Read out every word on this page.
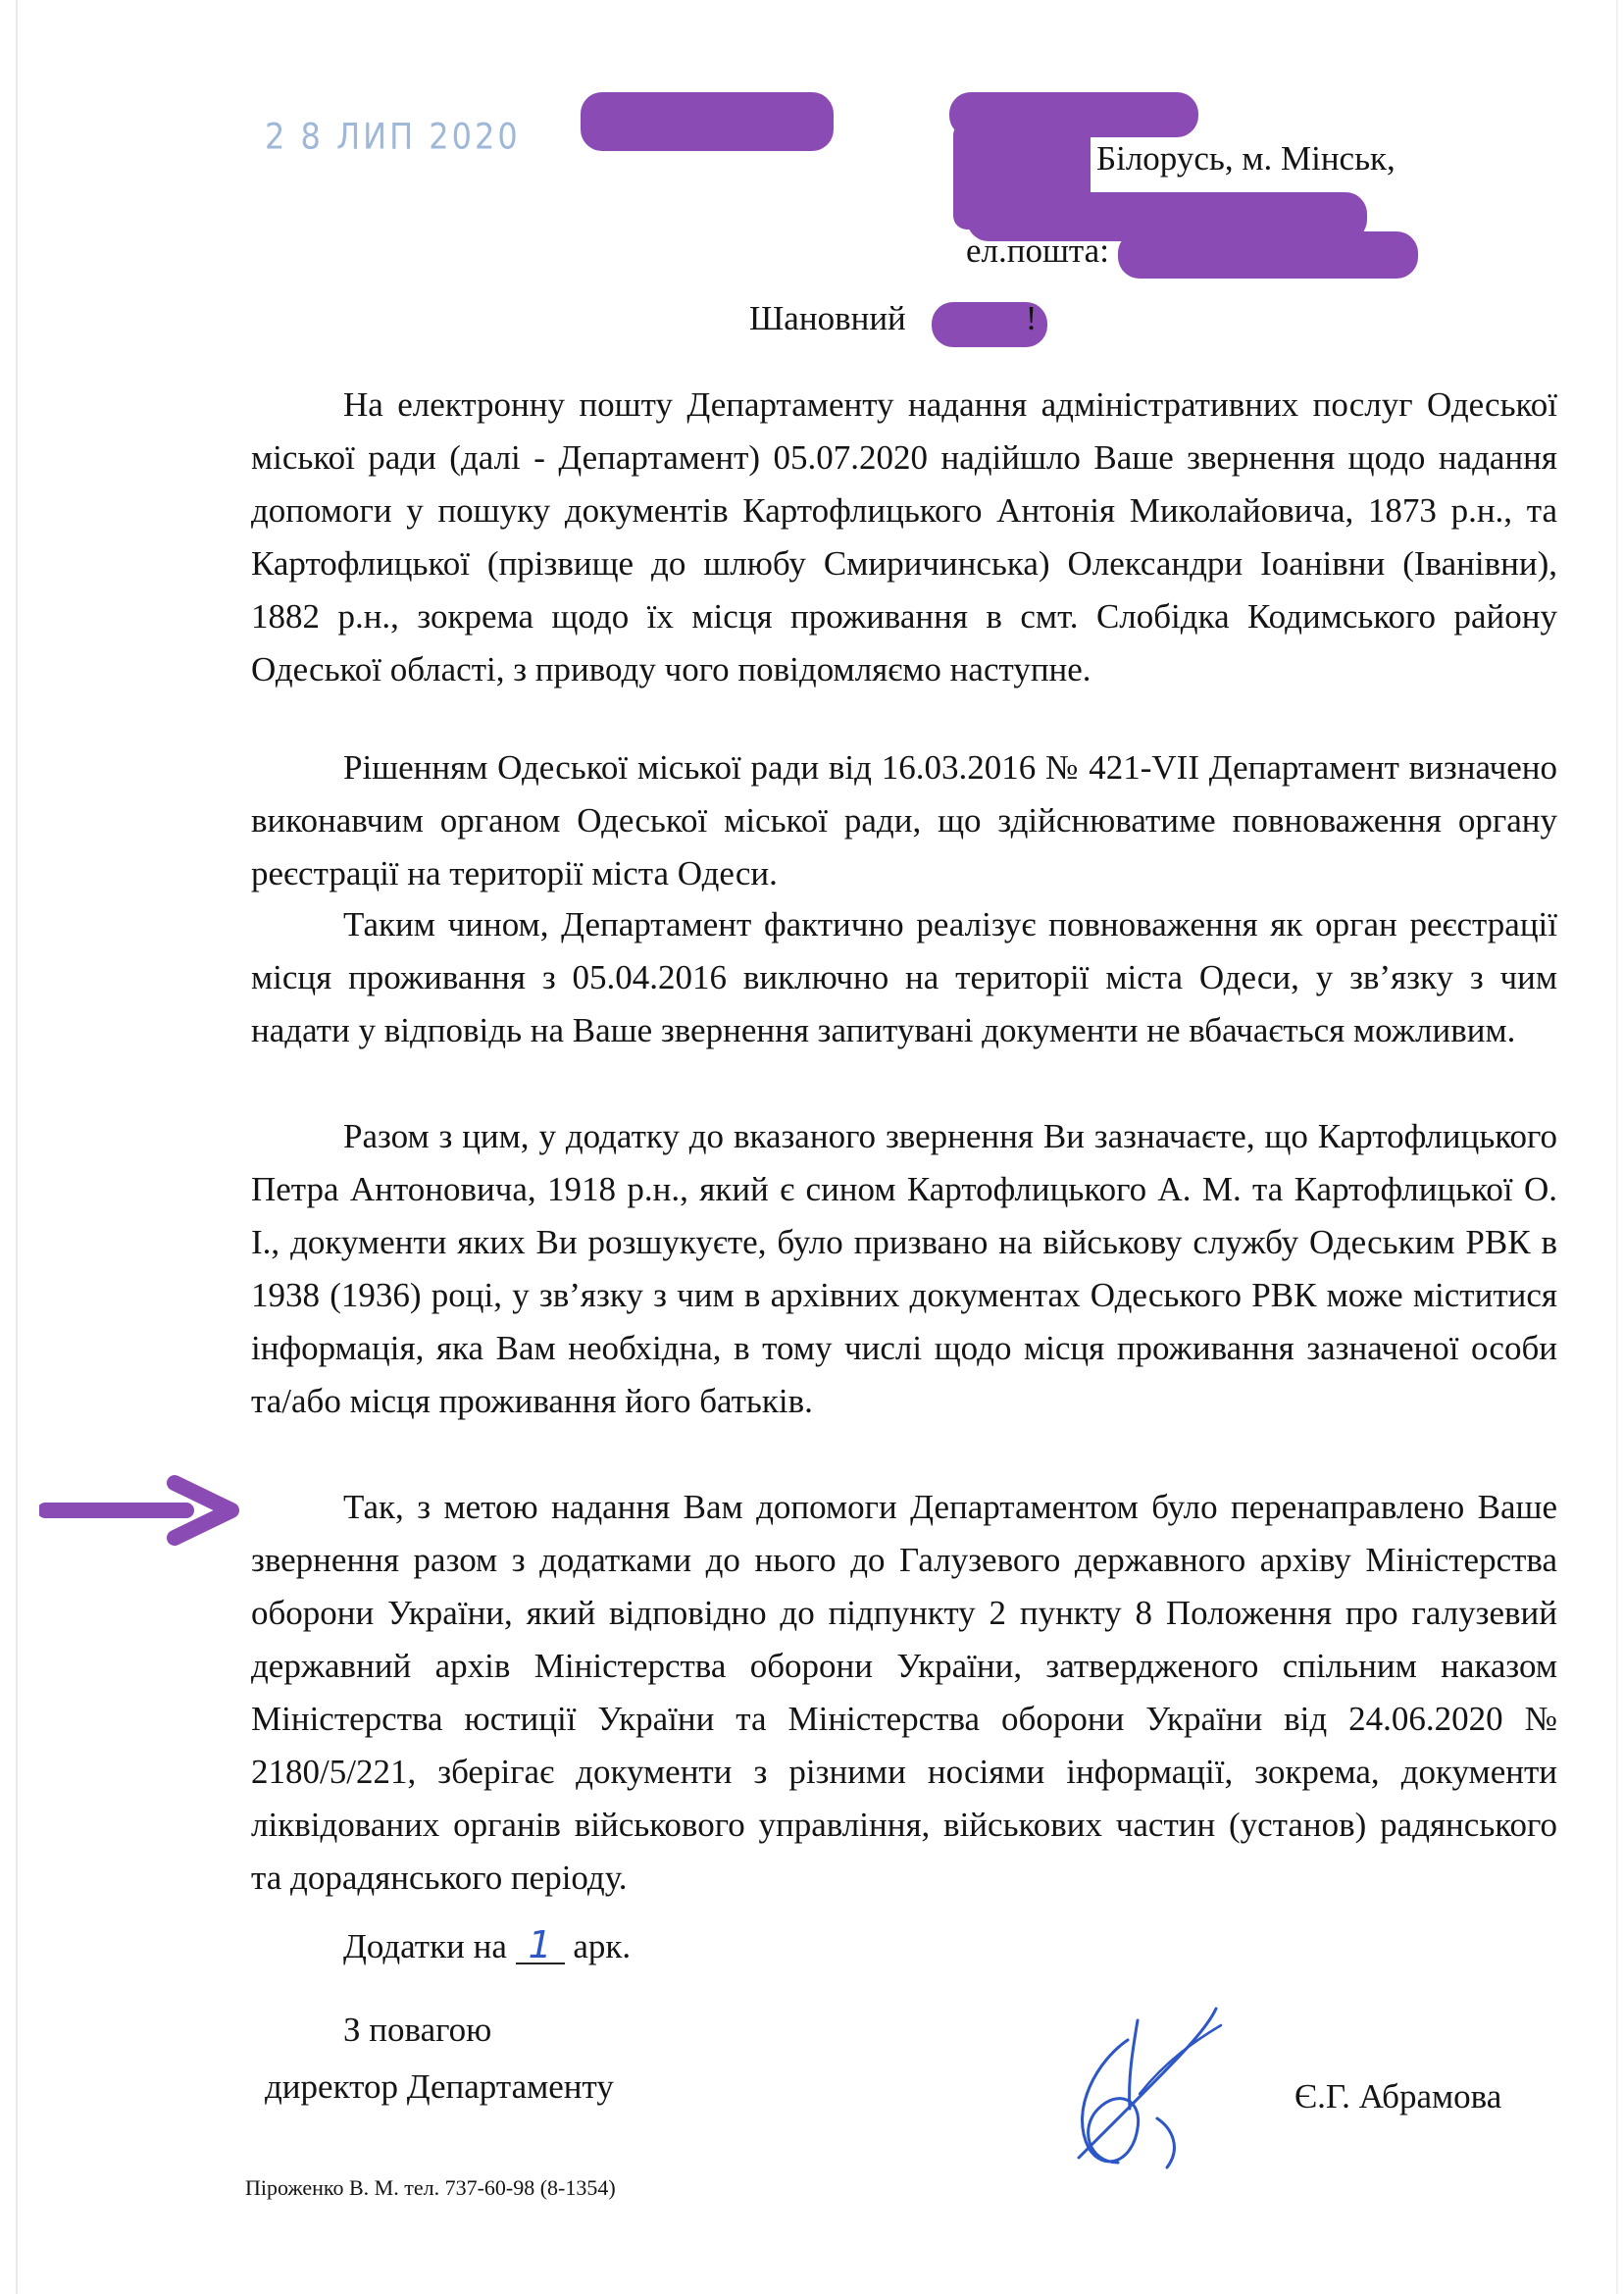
2 8 ЛИП 2020
Білорусь, м. Мінськ,
ел.пошта:
Шановний	!

На електронну пошту Департаменту надання адміністративних послуг Одеської міської ради (далі - Департамент) 05.07.2020 надійшло Ваше звернення щодо надання допомоги у пошуку документів Картофлицького Антонія Миколайовича, 1873 р.н., та Картофлицької (прізвище до шлюбу Смиричинська) Олександри Іоанівни (Іванівни), 1882 р.н., зокрема щодо їх місця проживання в смт. Слобідка Кодимського району Одеської області, з приводу чого повідомляємо наступне.

Рішенням Одеської міської ради від 16.03.2016 № 421-VII Департамент визначено виконавчим органом Одеської міської ради, що здійснюватиме повноваження органу реєстрації на території міста Одеси.

Таким чином, Департамент фактично реалізує повноваження як орган реєстрації місця проживання з 05.04.2016 виключно на території міста Одеси, у зв’язку з чим надати у відповідь на Ваше звернення запитувані документи не вбачається можливим.

Разом з цим, у додатку до вказаного звернення Ви зазначаєте, що Картофлицького Петра Антоновича, 1918 р.н., який є сином Картофлицького А. М. та Картофлицької О. І., документи яких Ви розшукуєте, було призвано на військову службу Одеським РВК в 1938 (1936) році, у зв’язку з чим в архівних документах Одеського РВК може міститися інформація, яка Вам необхідна, в тому числі щодо місця проживання зазначеної особи та/або місця проживання його батьків.

Так, з метою надання Вам допомоги Департаментом було перенаправлено Ваше звернення разом з додатками до нього до Галузевого державного архіву Міністерства оборони України, який відповідно до підпункту 2 пункту 8 Положення про галузевий державний архів Міністерства оборони України, затвердженого спільним наказом Міністерства юстиції України та Міністерства оборони України від 24.06.2020 № 2180/5/221, зберігає документи з різними носіями інформації, зокрема, документи ліквідованих органів військового управління, військових частин (установ) радянського та дорадянського періоду.

Додатки на 1 арк.
З повагою
директор Департаменту	Є.Г. Абрамова
Піроженко В. М. тел. 737-60-98 (8-1354)
